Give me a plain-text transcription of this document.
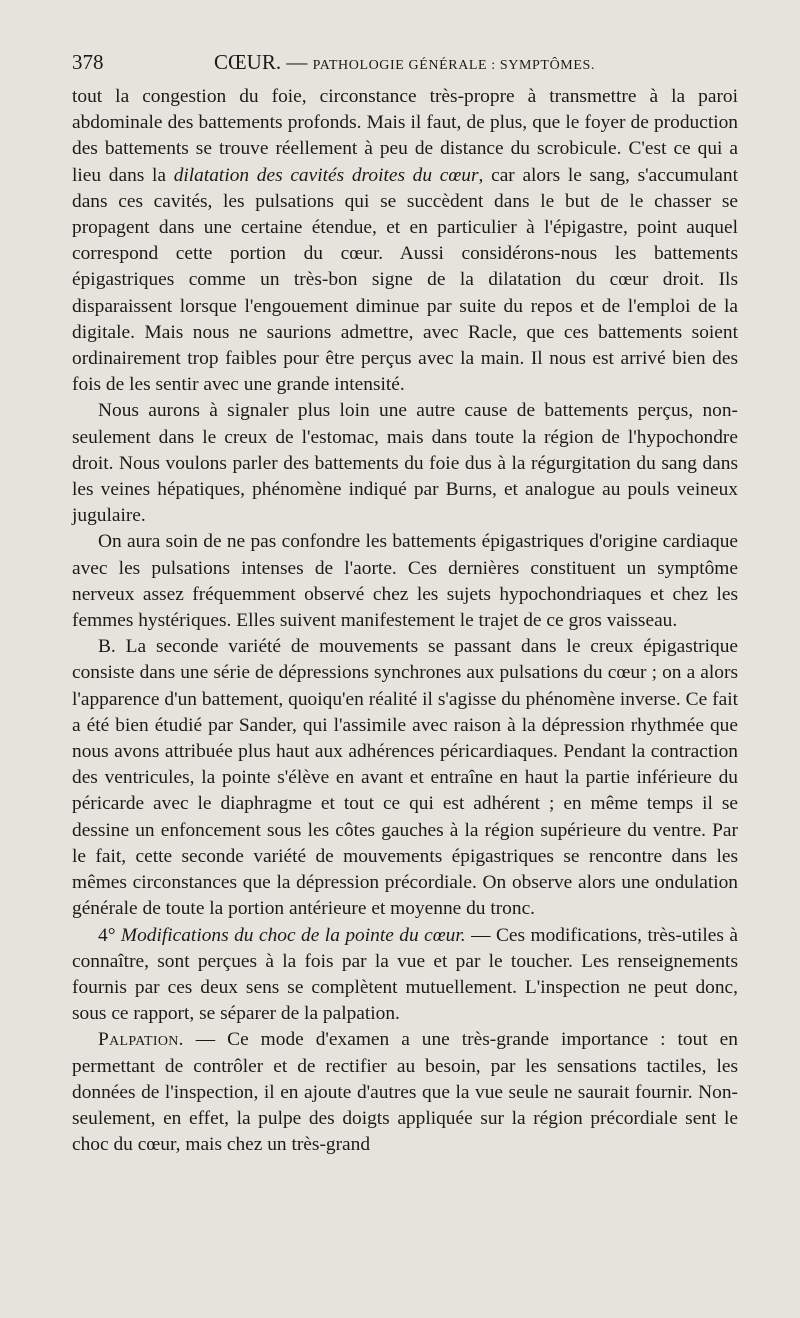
378	CŒUR. –– PATHOLOGIE GÉNÉRALE : SYMPTÔMES.

tout la congestion du foie, circonstance très-propre à transmettre à la paroi abdominale des battements profonds. Mais il faut, de plus, que le foyer de production des battements se trouve réellement à peu de distance du scrobicule. C'est ce qui a lieu dans la dilatation des cavités droites du cœur, car alors le sang, s'accumulant dans ces cavités, les pulsations qui se succèdent dans le but de le chasser se propagent dans une certaine étendue, et en particulier à l'épigastre, point auquel correspond cette portion du cœur. Aussi considérons-nous les battements épigastriques comme un très-bon signe de la dilatation du cœur droit. Ils disparaissent lorsque l'engouement diminue par suite du repos et de l'emploi de la digitale. Mais nous ne saurions admettre, avec Racle, que ces battements soient ordinairement trop faibles pour être perçus avec la main. Il nous est arrivé bien des fois de les sentir avec une grande intensité.

Nous aurons à signaler plus loin une autre cause de battements perçus, non-seulement dans le creux de l'estomac, mais dans toute la région de l'hypochondre droit. Nous voulons parler des battements du foie dus à la régurgitation du sang dans les veines hépatiques, phénomène indiqué par Burns, et analogue au pouls veineux jugulaire.

On aura soin de ne pas confondre les battements épigastriques d'origine cardiaque avec les pulsations intenses de l'aorte. Ces dernières constituent un symptôme nerveux assez fréquemment observé chez les sujets hypochondriaques et chez les femmes hystériques. Elles suivent manifestement le trajet de ce gros vaisseau.

B. La seconde variété de mouvements se passant dans le creux épigastrique consiste dans une série de dépressions synchrones aux pulsations du cœur ; on a alors l'apparence d'un battement, quoiqu'en réalité il s'agisse du phénomène inverse. Ce fait a été bien étudié par Sander, qui l'assimile avec raison à la dépression rhythmée que nous avons attribuée plus haut aux adhérences péricardiaques. Pendant la contraction des ventricules, la pointe s'élève en avant et entraîne en haut la partie inférieure du péricarde avec le diaphragme et tout ce qui est adhérent ; en même temps il se dessine un enfoncement sous les côtes gauches à la région supérieure du ventre. Par le fait, cette seconde variété de mouvements épigastriques se rencontre dans les mêmes circonstances que la dépression précordiale. On observe alors une ondulation générale de toute la portion antérieure et moyenne du tronc.

4° Modifications du choc de la pointe du cœur. — Ces modifications, très-utiles à connaître, sont perçues à la fois par la vue et par le toucher. Les renseignements fournis par ces deux sens se complètent mutuellement. L'inspection ne peut donc, sous ce rapport, se séparer de la palpation.

Palpation. — Ce mode d'examen a une très-grande importance : tout en permettant de contrôler et de rectifier au besoin, par les sensations tactiles, les données de l'inspection, il en ajoute d'autres que la vue seule ne saurait fournir. Non-seulement, en effet, la pulpe des doigts appliquée sur la région précordiale sent le choc du cœur, mais chez un très-grand
